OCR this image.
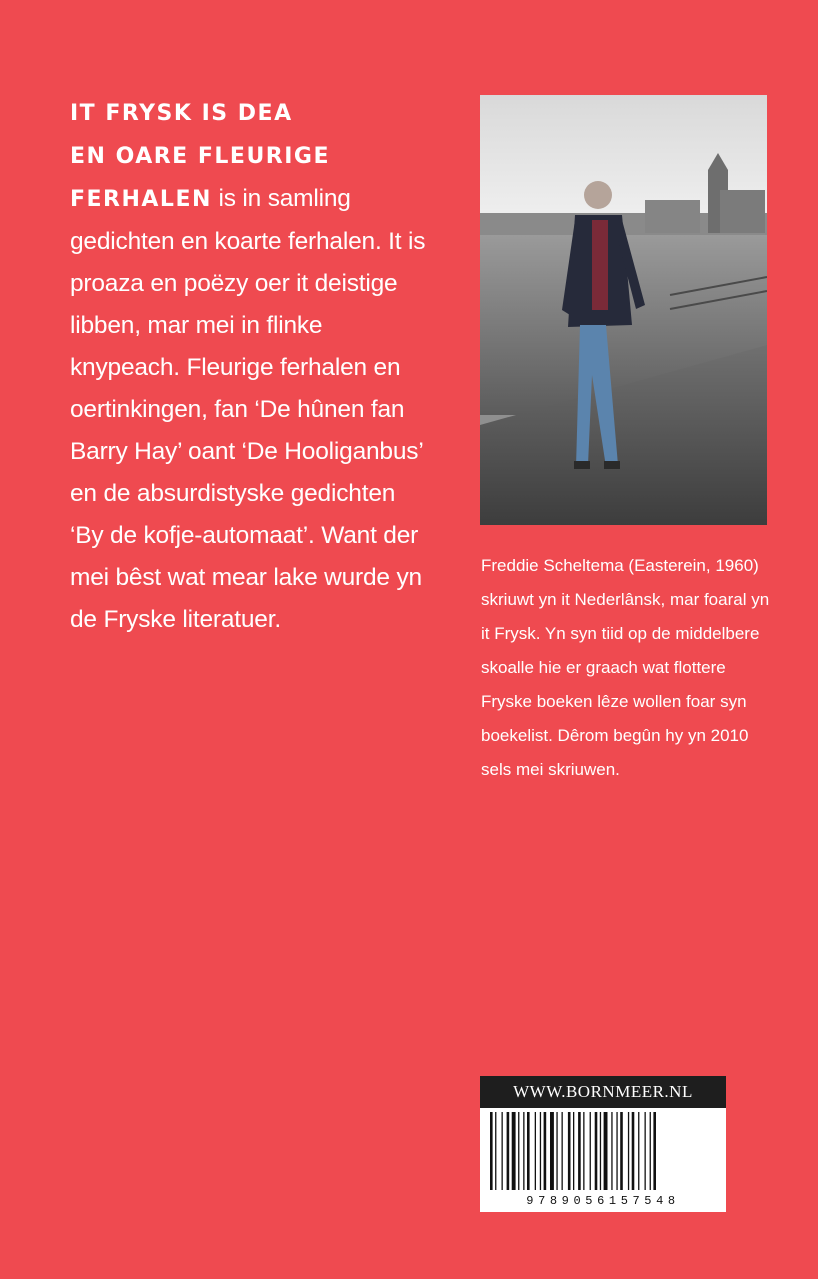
IT FRYSK IS DEA
EN OARE FLEURIGE
FERHALEN is in samling gedichten en koarte ferhalen. It is proaza en poëzy oer it deistige libben, mar mei in flinke knypeach. Fleurige ferhalen en oertinkingen, fan ‘De hûnen fan Barry Hay’ oant ‘De Hooliganbus’ en de absurdistyske gedichten ‘By de kofje-automaat’. Want der mei bêst wat mear lake wurde yn de Fryske literatuer.
Freddie Scheltema (Easterein, 1960) skriuwt yn it Nederlânsk, mar foaral yn it Frysk. Yn syn tiid op de middelbere skoalle hie er graach wat flottere Fryske boeken lêze wollen foar syn boekelist. Dêrom begûn hy yn 2010 sels mei skriuwen.
WWW.BORNMEER.NL
9789056157548
